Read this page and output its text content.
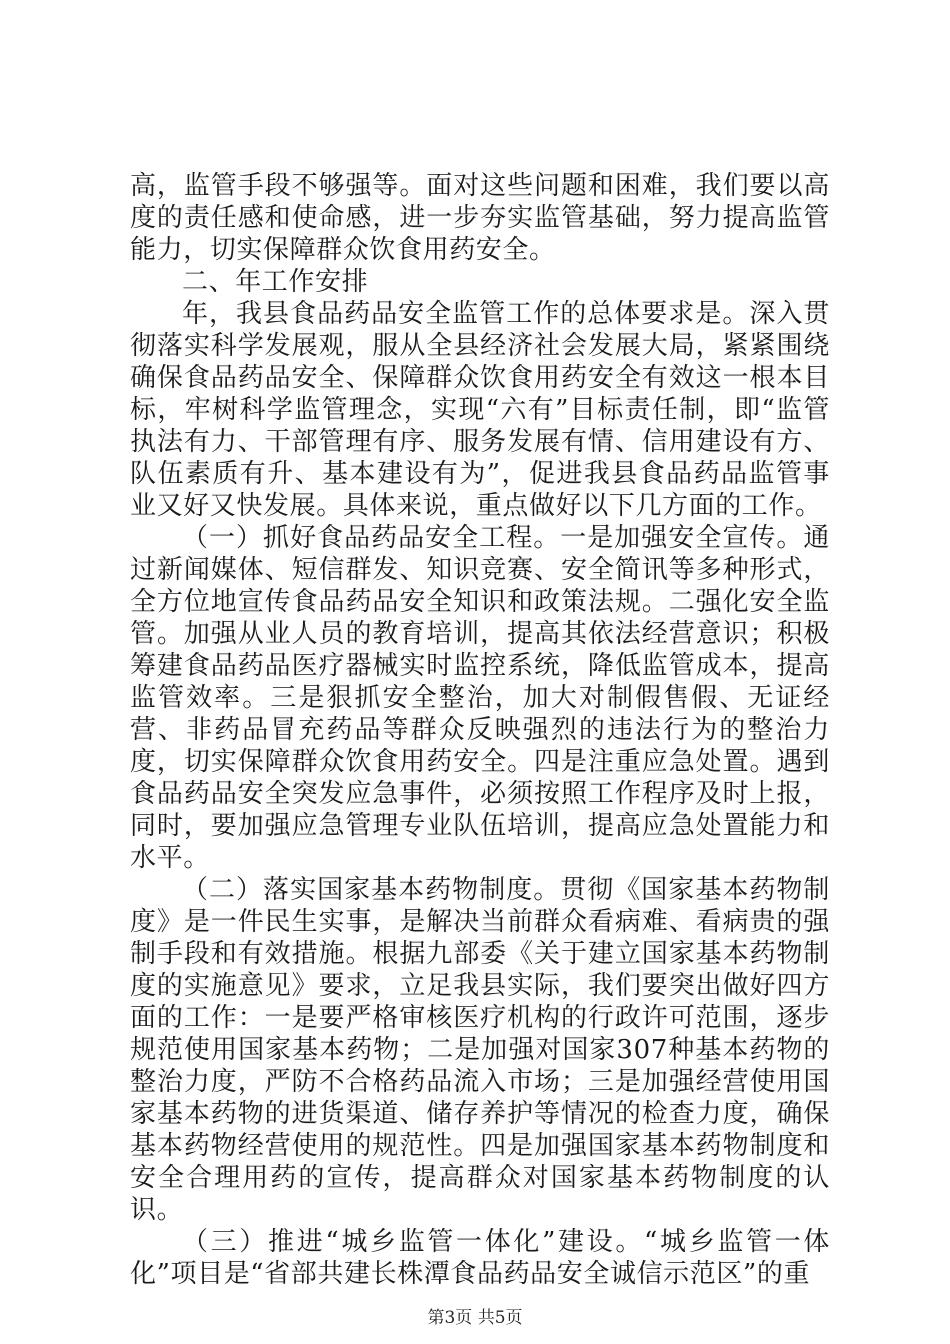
高，监管手段不够强等。面对这些问题和困难，我们要以高度的责任感和使命感，进一步夯实监管基础，努力提高监管能力，切实保障群众饮食用药安全。

二、年工作安排

年，我县食品药品安全监管工作的总体要求是。深入贯彻落实科学发展观，服从全县经济社会发展大局，紧紧围绕确保食品药品安全、保障群众饮食用药安全有效这一根本目标，牢树科学监管理念，实现“六有”目标责任制，即“监管执法有力、干部管理有序、服务发展有情、信用建设有方、队伍素质有升、基本建设有为”，促进我县食品药品监管事业又好又快发展。具体来说，重点做好以下几方面的工作。

（一）抓好食品药品安全工程。一是加强安全宣传。通过新闻媒体、短信群发、知识竞赛、安全简讯等多种形式，全方位地宣传食品药品安全知识和政策法规。二强化安全监管。加强从业人员的教育培训，提高其依法经营意识；积极筹建食品药品医疗器械实时监控系统，降低监管成本，提高监管效率。三是狠抓安全整治，加大对制假售假、无证经营、非药品冒充药品等群众反映强烈的违法行为的整治力度，切实保障群众饮食用药安全。四是注重应急处置。遇到食品药品安全突发应急事件，必须按照工作程序及时上报，同时，要加强应急管理专业队伍培训，提高应急处置能力和水平。

（二）落实国家基本药物制度。贯彻《国家基本药物制度》是一件民生实事，是解决当前群众看病难、看病贵的强制手段和有效措施。根据九部委《关于建立国家基本药物制度的实施意见》要求，立足我县实际，我们要突出做好四方面的工作：一是要严格审核医疗机构的行政许可范围，逐步规范使用国家基本药物；二是加强对国家307种基本药物的整治力度，严防不合格药品流入市场；三是加强经营使用国家基本药物的进货渠道、储存养护等情况的检查力度，确保基本药物经营使用的规范性。四是加强国家基本药物制度和安全合理用药的宣传，提高群众对国家基本药物制度的认识。

（三）推进“城乡监管一体化”建设。“城乡监管一体化”项目是“省部共建长株潭食品药品安全诚信示范区”的重

第3页 共5页
